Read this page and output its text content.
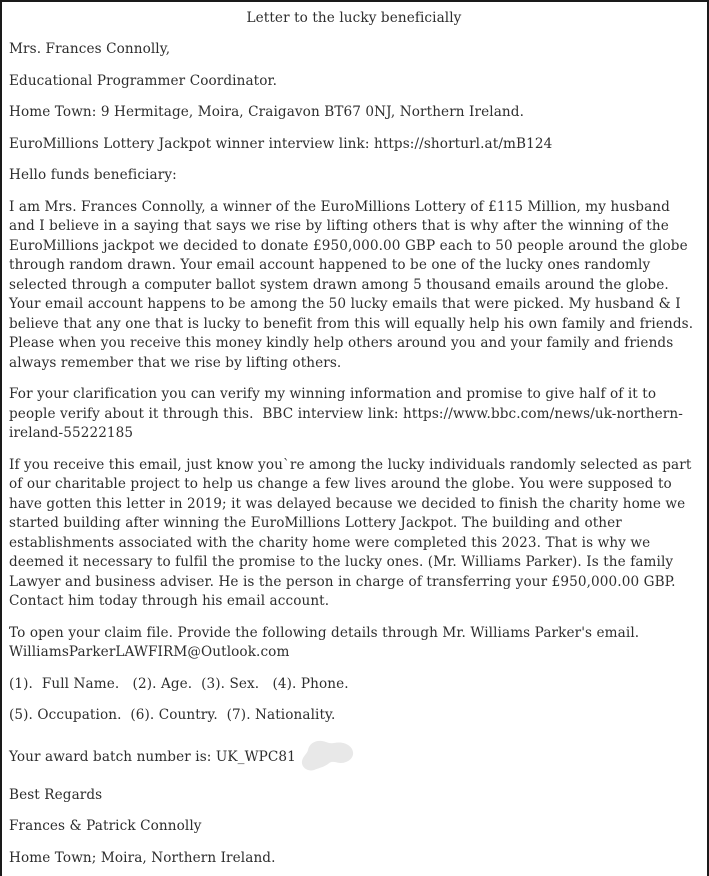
Letter to the lucky beneficially

Mrs. Frances Connolly,

Educational Programmer Coordinator.

Home Town: 9 Hermitage, Moira, Craigavon BT67 0NJ, Northern Ireland.

EuroMillions Lottery Jackpot winner interview link: https://shorturl.at/mB124

Hello funds beneficiary:

I am Mrs. Frances Connolly, a winner of the EuroMillions Lottery of £115 Million, my husband and I believe in a saying that says we rise by lifting others that is why after the winning of the EuroMillions jackpot we decided to donate £950,000.00 GBP each to 50 people around the globe through random drawn. Your email account happened to be one of the lucky ones randomly selected through a computer ballot system drawn among 5 thousand emails around the globe. Your email account happens to be among the 50 lucky emails that were picked. My husband & I believe that any one that is lucky to benefit from this will equally help his own family and friends. Please when you receive this money kindly help others around you and your family and friends always remember that we rise by lifting others.

For your clarification you can verify my winning information and promise to give half of it to people verify about it through this.  BBC interview link: https://www.bbc.com/news/uk-northern-ireland-55222185

If you receive this email, just know you`re among the lucky individuals randomly selected as part of our charitable project to help us change a few lives around the globe. You were supposed to have gotten this letter in 2019; it was delayed because we decided to finish the charity home we started building after winning the EuroMillions Lottery Jackpot. The building and other establishments associated with the charity home were completed this 2023. That is why we deemed it necessary to fulfil the promise to the lucky ones. (Mr. Williams Parker). Is the family Lawyer and business adviser. He is the person in charge of transferring your £950,000.00 GBP. Contact him today through his email account.

To open your claim file. Provide the following details through Mr. Williams Parker's email. WilliamsParkerLAWFIRM@Outlook.com

(1).  Full Name.   (2). Age.  (3). Sex.   (4). Phone.

(5). Occupation.  (6). Country.  (7). Nationality.

Your award batch number is: UK_WPC81

Best Regards

Frances & Patrick Connolly

Home Town; Moira, Northern Ireland.
